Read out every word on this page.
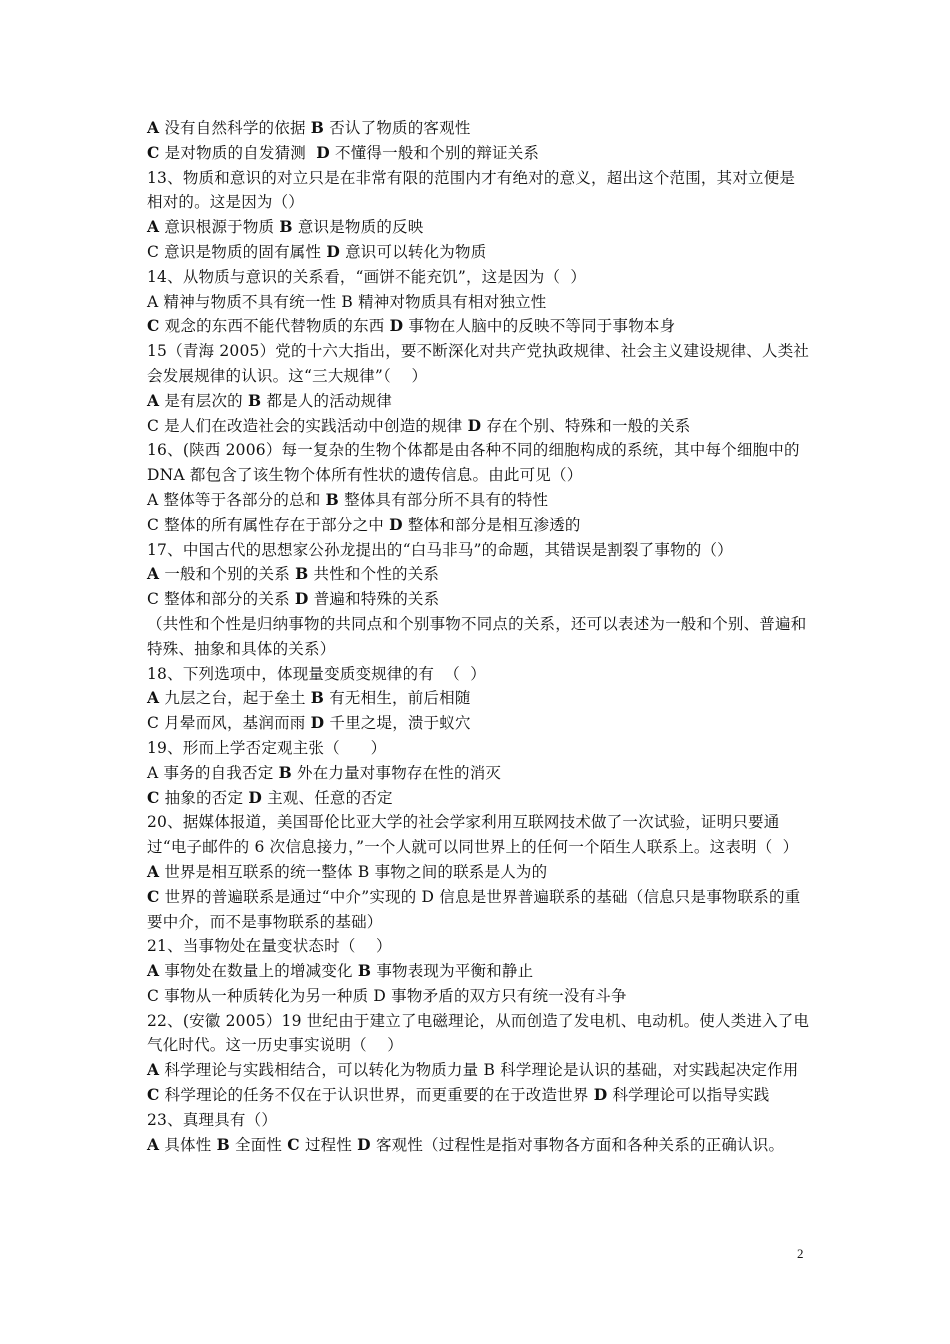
A 没有自然科学的依据 B 否认了物质的客观性
C 是对物质的自发猜测  D 不懂得一般和个别的辩证关系
13、物质和意识的对立只是在非常有限的范围内才有绝对的意义，超出这个范围，其对立便是相对的。这是因为（）
A 意识根源于物质 B 意识是物质的反映
C 意识是物质的固有属性 D 意识可以转化为物质
14、从物质与意识的关系看，“画饼不能充饥”，这是因为（  ）
A 精神与物质不具有统一性 B 精神对物质具有相对独立性
C 观念的东西不能代替物质的东西 D 事物在人脑中的反映不等同于事物本身
15（青海 2005）党的十六大指出，要不断深化对共产党执政规律、社会主义建设规律、人类社会发展规律的认识。这“三大规律”（    ）
A 是有层次的 B 都是人的活动规律
C 是人们在改造社会的实践活动中创造的规律 D 存在个别、特殊和一般的关系
16、(陕西 2006）每一复杂的生物个体都是由各种不同的细胞构成的系统，其中每个细胞中的 DNA 都包含了该生物个体所有性状的遗传信息。由此可见（）
A 整体等于各部分的总和 B 整体具有部分所不具有的特性
C 整体的所有属性存在于部分之中 D 整体和部分是相互渗透的
17、中国古代的思想家公孙龙提出的“白马非马”的命题，其错误是割裂了事物的（）
A 一般和个别的关系 B 共性和个性的关系
C 整体和部分的关系 D 普遍和特殊的关系
（共性和个性是归纳事物的共同点和个别事物不同点的关系，还可以表述为一般和个别、普遍和特殊、抽象和具体的关系）
18、下列选项中，体现量变质变规律的有  （  ）
A 九层之台，起于垒土 B 有无相生，前后相随
C 月晕而风，基润而雨 D 千里之堤，溃于蚁穴
19、形而上学否定观主张（      ）
A 事务的自我否定 B 外在力量对事物存在性的消灭
C 抽象的否定 D 主观、任意的否定
20、据媒体报道，美国哥伦比亚大学的社会学家利用互联网技术做了一次试验，证明只要通过“电子邮件的 6 次信息接力，”一个人就可以同世界上的任何一个陌生人联系上。这表明（  ）
A 世界是相互联系的统一整体 B 事物之间的联系是人为的
C 世界的普遍联系是通过“中介”实现的 D 信息是世界普遍联系的基础（信息只是事物联系的重要中介，而不是事物联系的基础）
21、当事物处在量变状态时（    ）
A 事物处在数量上的增减变化 B 事物表现为平衡和静止
C 事物从一种质转化为另一种质 D 事物矛盾的双方只有统一没有斗争
22、(安徽 2005）19 世纪由于建立了电磁理论，从而创造了发电机、电动机。使人类进入了电气化时代。这一历史事实说明（    ）
A 科学理论与实践相结合，可以转化为物质力量 B 科学理论是认识的基础，对实践起决定作用
C 科学理论的任务不仅在于认识世界，而更重要的在于改造世界 D 科学理论可以指导实践
23、真理具有（）
A 具体性 B 全面性 C 过程性 D 客观性（过程性是指对事物各方面和各种关系的正确认识。
2
